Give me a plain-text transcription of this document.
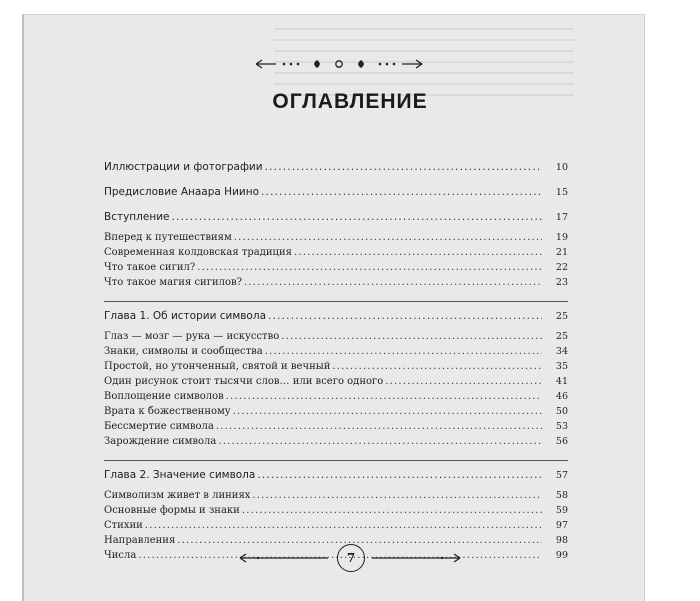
ОГЛАВЛЕНИЕ
Иллюстрации и фотографии .....	10
Предисловие Анаара Ниино .....	15
Вступление .....	17
Вперед к путешествиям .....	19
Современная колдовская традиция .....	21
Что такое сигил? .....	22
Что такое магия сигилов? .....	23
Глава 1. Об истории символа .....	25
Глаз — мозг — рука — искусство .....	25
Знаки, символы и сообщества .....	34
Простой, но утонченный, святой и вечный .....	35
Один рисунок стоит тысячи слов… или всего одного .....	41
Воплощение символов .....	46
Врата к божественному .....	50
Бессмертие символа .....	53
Зарождение символа .....	56
Глава 2. Значение символа .....	57
Символизм живет в линиях .....	58
Основные формы и знаки .....	59
Стихии .....	97
Направления .....	98
Числа .....	99
7
